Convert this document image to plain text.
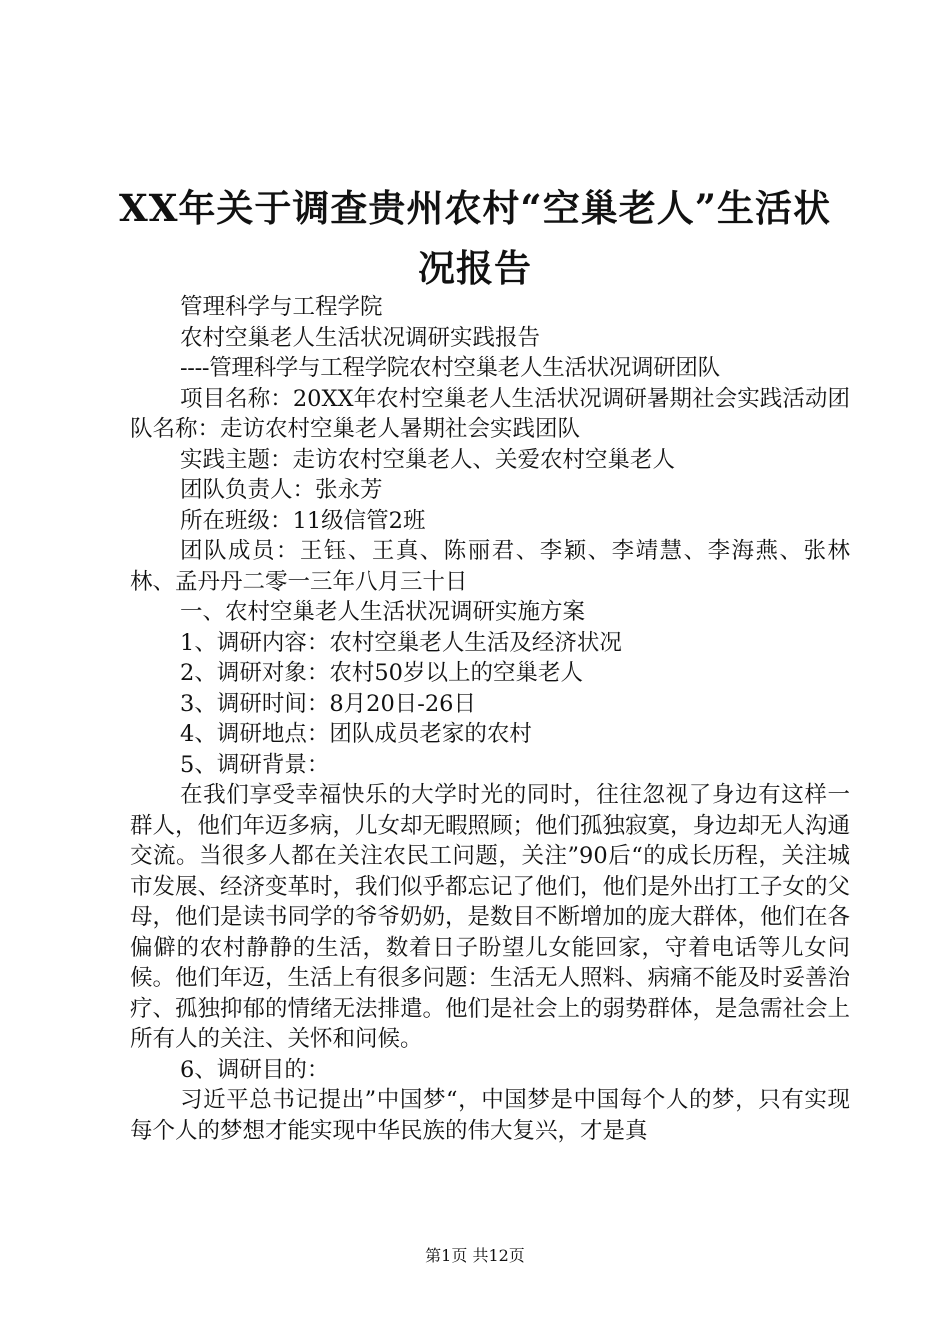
XX年关于调查贵州农村“空巢老人”生活状
况报告

管理科学与工程学院

农村空巢老人生活状况调研实践报告

----管理科学与工程学院农村空巢老人生活状况调研团队

项目名称：20XX年农村空巢老人生活状况调研暑期社会实践活动团队名称：走访农村空巢老人暑期社会实践团队

实践主题：走访农村空巢老人、关爱农村空巢老人

团队负责人：张永芳

所在班级：11级信管2班

团队成员：王钰、王真、陈丽君、李颖、李靖慧、李海燕、张林林、孟丹丹二零一三年八月三十日

一、农村空巢老人生活状况调研实施方案

1、调研内容：农村空巢老人生活及经济状况

2、调研对象：农村50岁以上的空巢老人

3、调研时间：8月20日-26日

4、调研地点：团队成员老家的农村

5、调研背景：

在我们享受幸福快乐的大学时光的同时，往往忽视了身边有这样一群人，他们年迈多病，儿女却无暇照顾；他们孤独寂寞，身边却无人沟通交流。当很多人都在关注农民工问题，关注”90后“的成长历程，关注城市发展、经济变革时，我们似乎都忘记了他们，他们是外出打工子女的父母，他们是读书同学的爷爷奶奶，是数目不断增加的庞大群体，他们在各偏僻的农村静静的生活，数着日子盼望儿女能回家，守着电话等儿女问候。他们年迈，生活上有很多问题：生活无人照料、病痛不能及时妥善治疗、孤独抑郁的情绪无法排遣。他们是社会上的弱势群体，是急需社会上所有人的关注、关怀和问候。

6、调研目的：

习近平总书记提出”中国梦“，中国梦是中国每个人的梦，只有实现每个人的梦想才能实现中华民族的伟大复兴，才是真

第1页 共12页
